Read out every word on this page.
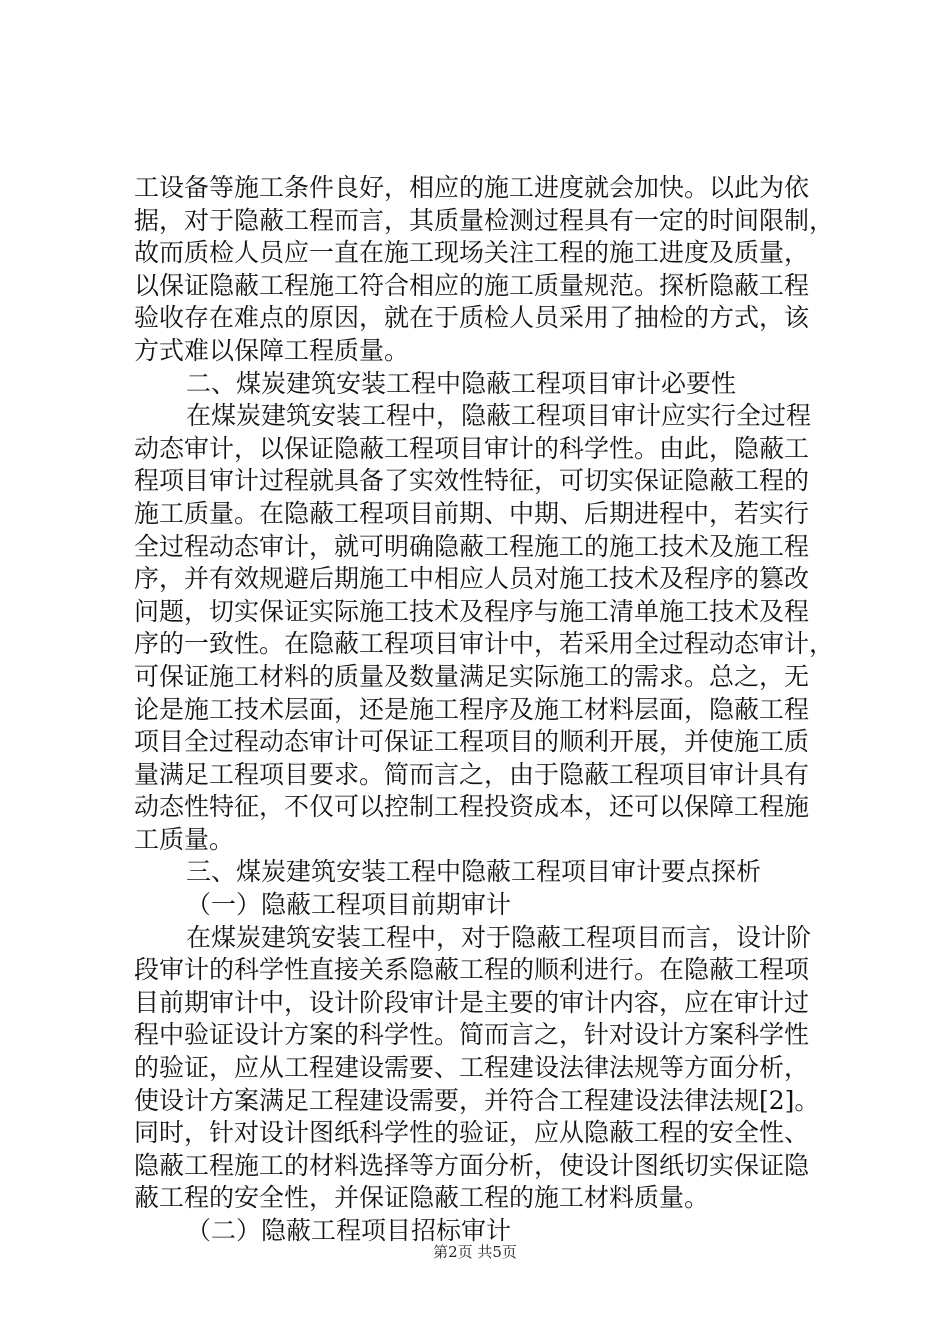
工设备等施工条件良好，相应的施工进度就会加快。以此为依
据，对于隐蔽工程而言，其质量检测过程具有一定的时间限制，
故而质检人员应一直在施工现场关注工程的施工进度及质量，
以保证隐蔽工程施工符合相应的施工质量规范。探析隐蔽工程
验收存在难点的原因，就在于质检人员采用了抽检的方式，该
方式难以保障工程质量。
二、煤炭建筑安装工程中隐蔽工程项目审计必要性
在煤炭建筑安装工程中，隐蔽工程项目审计应实行全过程
动态审计，以保证隐蔽工程项目审计的科学性。由此，隐蔽工
程项目审计过程就具备了实效性特征，可切实保证隐蔽工程的
施工质量。在隐蔽工程项目前期、中期、后期进程中，若实行
全过程动态审计，就可明确隐蔽工程施工的施工技术及施工程
序，并有效规避后期施工中相应人员对施工技术及程序的篡改
问题，切实保证实际施工技术及程序与施工清单施工技术及程
序的一致性。在隐蔽工程项目审计中，若采用全过程动态审计，
可保证施工材料的质量及数量满足实际施工的需求。总之，无
论是施工技术层面，还是施工程序及施工材料层面，隐蔽工程
项目全过程动态审计可保证工程项目的顺利开展，并使施工质
量满足工程项目要求。简而言之，由于隐蔽工程项目审计具有
动态性特征，不仅可以控制工程投资成本，还可以保障工程施
工质量。
三、煤炭建筑安装工程中隐蔽工程项目审计要点探析
（一）隐蔽工程项目前期审计
在煤炭建筑安装工程中，对于隐蔽工程项目而言，设计阶
段审计的科学性直接关系隐蔽工程的顺利进行。在隐蔽工程项
目前期审计中，设计阶段审计是主要的审计内容，应在审计过
程中验证设计方案的科学性。简而言之，针对设计方案科学性
的验证，应从工程建设需要、工程建设法律法规等方面分析，
使设计方案满足工程建设需要，并符合工程建设法律法规[2]。
同时，针对设计图纸科学性的验证，应从隐蔽工程的安全性、
隐蔽工程施工的材料选择等方面分析，使设计图纸切实保证隐
蔽工程的安全性，并保证隐蔽工程的施工材料质量。
（二）隐蔽工程项目招标审计
第2页 共5页
